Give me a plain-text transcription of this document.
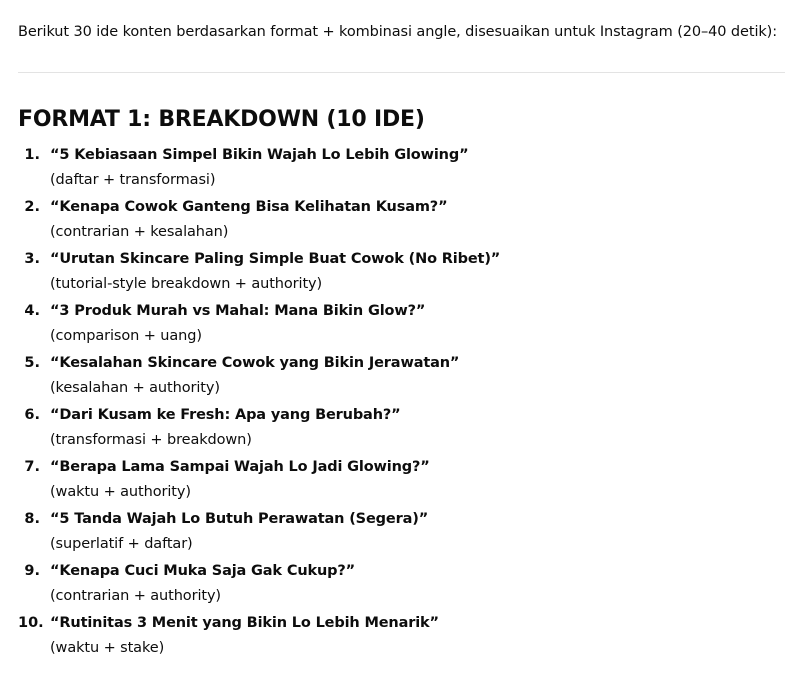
Berikut 30 ide konten berdasarkan format + kombinasi angle, disesuaikan untuk Instagram (20–40 detik):
FORMAT 1: BREAKDOWN (10 IDE)
1. “5 Kebiasaan Simpel Bikin Wajah Lo Lebih Glowing”
(daftar + transformasi)
2. “Kenapa Cowok Ganteng Bisa Kelihatan Kusam?”
(contrarian + kesalahan)
3. “Urutan Skincare Paling Simple Buat Cowok (No Ribet)”
(tutorial-style breakdown + authority)
4. “3 Produk Murah vs Mahal: Mana Bikin Glow?”
(comparison + uang)
5. “Kesalahan Skincare Cowok yang Bikin Jerawatan”
(kesalahan + authority)
6. “Dari Kusam ke Fresh: Apa yang Berubah?”
(transformasi + breakdown)
7. “Berapa Lama Sampai Wajah Lo Jadi Glowing?”
(waktu + authority)
8. “5 Tanda Wajah Lo Butuh Perawatan (Segera)”
(superlatif + daftar)
9. “Kenapa Cuci Muka Saja Gak Cukup?”
(contrarian + authority)
10. “Rutinitas 3 Menit yang Bikin Lo Lebih Menarik”
(waktu + stake)
